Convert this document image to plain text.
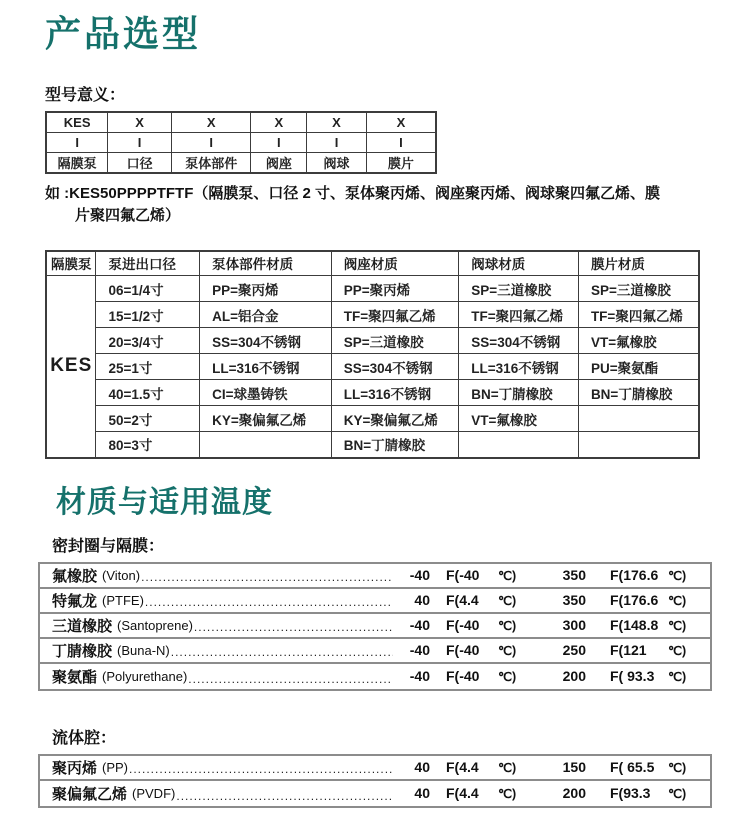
产品选型
型号意义：
KES	X	X	X	X	X
I	I	I	I	I	I
隔膜泵	口径	泵体部件	阀座	阀球	膜片
如 :KES50PPPPTFTF（隔膜泵、口径 2 寸、泵体聚丙烯、阀座聚丙烯、阀球聚四氟乙烯、膜
片聚四氟乙烯）
隔膜泵	泵进出口径	泵体部件材质	阀座材质	阀球材质	膜片材质
KES	06=1/4寸	PP=聚丙烯	PP=聚丙烯	SP=三道橡胶	SP=三道橡胶
	15=1/2寸	AL=铝合金	TF=聚四氟乙烯	TF=聚四氟乙烯	TF=聚四氟乙烯
	20=3/4寸	SS=304不锈钢	SP=三道橡胶	SS=304不锈钢	VT=氟橡胶
	25=1寸	LL=316不锈钢	SS=304不锈钢	LL=316不锈钢	PU=聚氨酯
	40=1.5寸	CI=球墨铸铁	LL=316不锈钢	BN=丁腈橡胶	BN=丁腈橡胶
	50=2寸	KY=聚偏氟乙烯	KY=聚偏氟乙烯	VT=氟橡胶	
	80=3寸		BN=丁腈橡胶		
材质与适用温度
密封圈与隔膜：
氟橡胶 (Viton) .....	-40 F(-40	℃)	350 F(176.6 ℃)
特氟龙 (PTFE) .....	40 F(4.4	℃)	350 F(176.6 ℃)
三道橡胶 (Santoprene) .....	-40 F(-40	℃)	300 F(148.8 ℃)
丁腈橡胶 (Buna-N) .....	-40 F(-40	℃)	250 F(121	℃)
聚氨酯 (Polyurethane) .....	-40 F(-40	℃)	200 F( 93.3	℃)
流体腔：
聚丙烯 (PP) .....	40 F(4.4	℃)	150 F( 65.5	℃)
聚偏氟乙烯 (PVDF) .....	40 F(4.4	℃)	200 F(93.3	℃)
